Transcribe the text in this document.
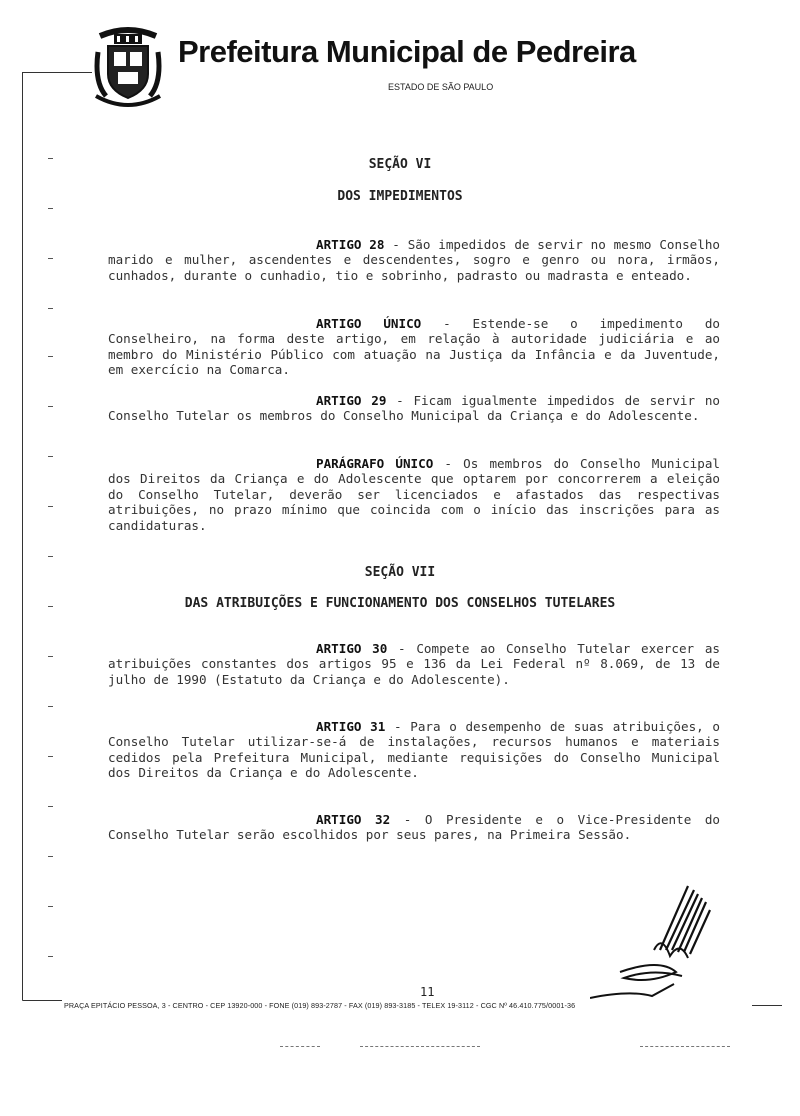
Prefeitura Municipal de Pedreira
ESTADO DE SÃO PAULO
SEÇÃO VI
DOS IMPEDIMENTOS
ARTIGO 28 - São impedidos de servir no mesmo Conselho marido e mulher, ascendentes e descendentes, sogro e genro ou nora, irmãos, cunhados, durante o cunhadio, tio e sobrinho, padrasto ou madrasta e enteado.
ARTIGO ÚNICO - Estende-se o impedimento do Conselheiro, na forma deste artigo, em relação à autoridade judiciária e ao membro do Ministério Público com atuação na Justiça da Infância e da Juventude, em exercício na Comarca.
ARTIGO 29 - Ficam igualmente impedidos de servir no Conselho Tutelar os membros do Conselho Municipal da Criança e do Adolescente.
PARÁGRAFO ÚNICO - Os membros do Conselho Municipal dos Direitos da Criança e do Adolescente que optarem por concorrerem a eleição do Conselho Tutelar, deverão ser licenciados e afastados das respectivas atribuições, no prazo mínimo que coincida com o início das inscrições para as candidaturas.
SEÇÃO VII
DAS ATRIBUIÇÕES E FUNCIONAMENTO DOS CONSELHOS TUTELARES
ARTIGO 30 - Compete ao Conselho Tutelar exercer as atribuições constantes dos artigos 95 e 136 da Lei Federal nº 8.069, de 13 de julho de 1990 (Estatuto da Criança e do Adolescente).
ARTIGO 31 - Para o desempenho de suas atribuições, o Conselho Tutelar utilizar-se-á de instalações, recursos humanos e materiais cedidos pela Prefeitura Municipal, mediante requisições do Conselho Municipal dos Direitos da Criança e do Adolescente.
ARTIGO 32 - O Presidente e o Vice-Presidente do Conselho Tutelar serão escolhidos por seus pares, na Primeira Sessão.
11
PRAÇA EPITÁCIO PESSOA, 3 - CENTRO - CEP 13920-000 - FONE (019) 893-2787 - FAX (019) 893-3185 - TELEX 19-3112 - CGC Nº 46.410.775/0001-36
